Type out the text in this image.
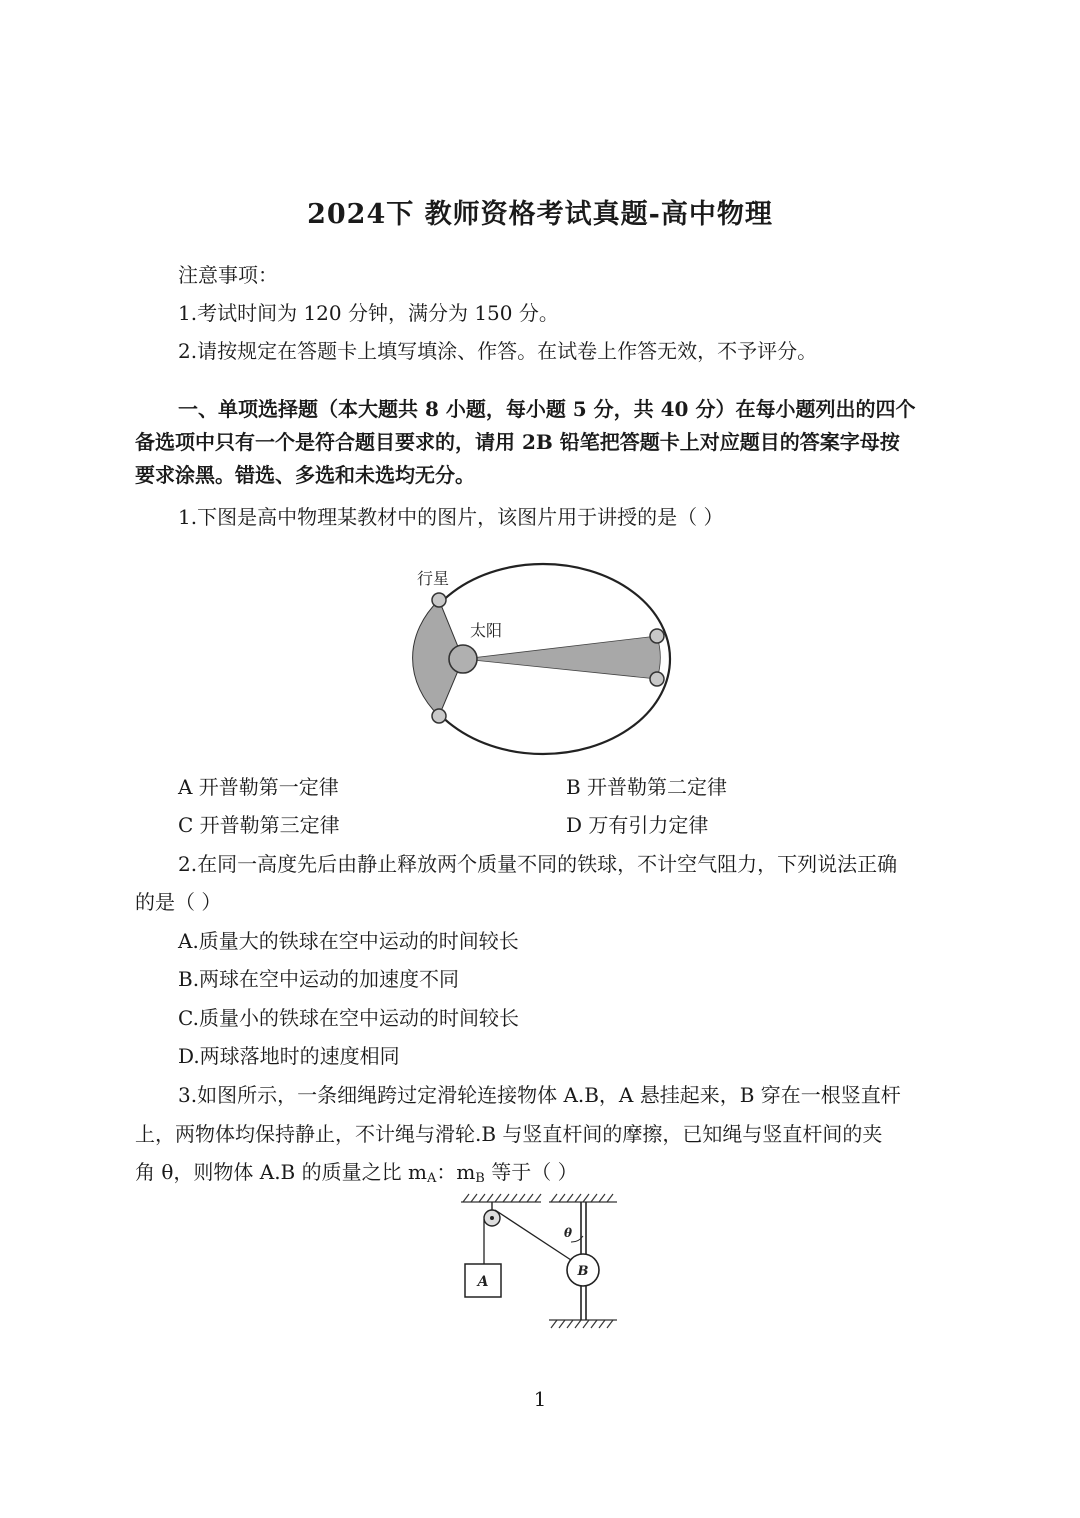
2024下 教师资格考试真题-高中物理
注意事项：
1.考试时间为 120 分钟，满分为 150 分。
2.请按规定在答题卡上填写填涂、作答。在试卷上作答无效，不予评分。
一、单项选择题（本大题共 8 小题，每小题 5 分，共 40 分）在每小题列出的四个
备选项中只有一个是符合题目要求的，请用 2B 铅笔把答题卡上对应题目的答案字母按
要求涂黑。错选、多选和未选均无分。
1.下图是高中物理某教材中的图片，该图片用于讲授的是（ ）
行星
太阳
A 开普勒第一定律	B 开普勒第二定律
C 开普勒第三定律	D 万有引力定律
2.在同一高度先后由静止释放两个质量不同的铁球，不计空气阻力，下列说法正确
的是（ ）
A.质量大的铁球在空中运动的时间较长
B.两球在空中运动的加速度不同
C.质量小的铁球在空中运动的时间较长
D.两球落地时的速度相同
3.如图所示，一条细绳跨过定滑轮连接物体 A.B，A 悬挂起来，B 穿在一根竖直杆
上，两物体均保持静止，不计绳与滑轮.B 与竖直杆间的摩擦，已知绳与竖直杆间的夹
角 θ，则物体 A.B 的质量之比 $m_A$：$m_B$ 等于（ ）
A
θ
B
1
